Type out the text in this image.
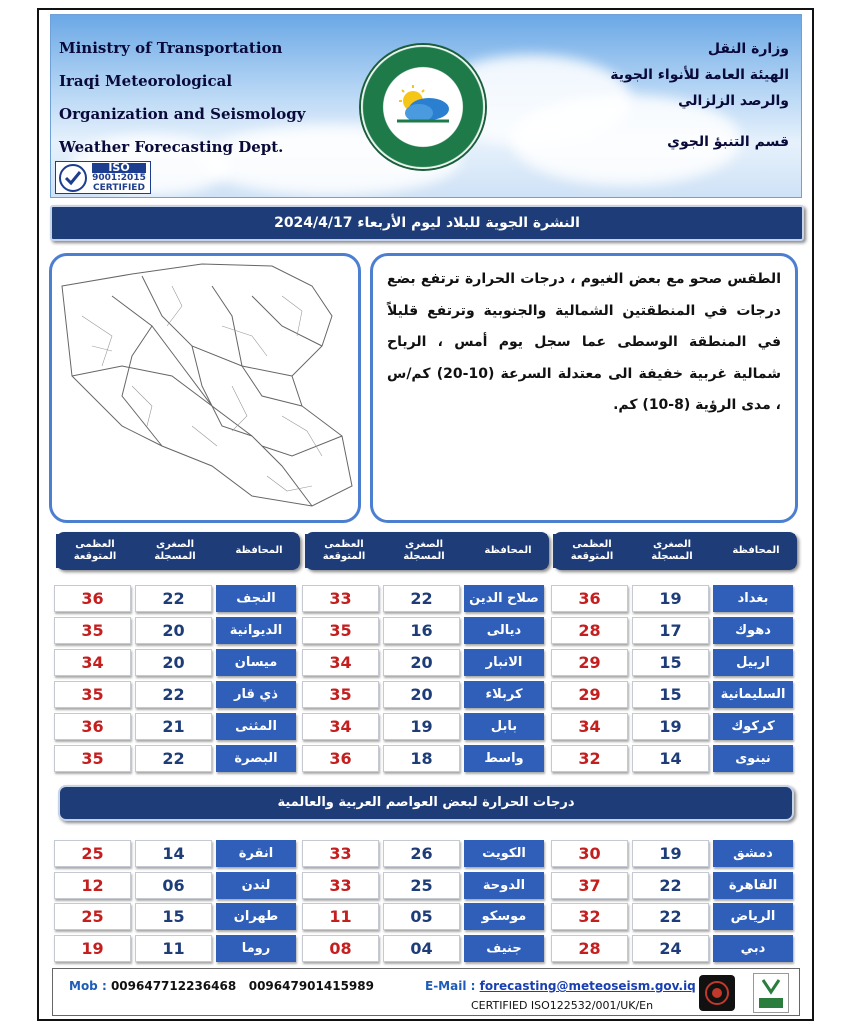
Ministry of Transportation
Iraqi Meteorological
Organization and Seismology
Weather Forecasting Dept.
وزارة النقل
الهيئة العامة للأنواء الجوية
والرصد الزلزالي
قسم التنبؤ الجوي
ISO
9001:2015
CERTIFIED
النشرة الجوية للبلاد ليوم الأربعاء 2024/4/17
الطقس صحو مع بعض الغيوم ، درجات الحرارة ترتفع بضع درجات في المنطقتين الشمالية والجنوبية وترتفع قليلاً في المنطقة الوسطى عما سجل يوم أمس ، الرياح شمالية غربية خفيفة الى معتدلة السرعة (10-20) كم/س ، مدى الرؤية (8-10) كم.
المحافظة
الصغرى
المسجلة
العظمى
المتوقعة
المحافظة
الصغرى
المسجلة
العظمى
المتوقعة
المحافظة
الصغرى
المسجلة
العظمى
المتوقعة
بغداد
19
36
دهوك
17
28
اربيل
15
29
السليمانية
15
29
كركوك
19
34
نينوى
14
32
صلاح الدين
22
33
ديالى
16
35
الانبار
20
34
كربلاء
20
35
بابل
19
34
واسط
18
36
النجف
22
36
الديوانية
20
35
ميسان
20
34
ذي قار
22
35
المثنى
21
36
البصرة
22
35
درجات الحرارة لبعض العواصم العربية والعالمية
دمشق
19
30
القاهرة
22
37
الرياض
22
32
دبي
24
28
الكويت
26
33
الدوحة
25
33
موسكو
05
11
جنيف
04
08
انقرة
14
25
لندن
06
12
طهران
15
25
روما
11
19
Mob : 009647712236468   009647901415989	E-Mail : forecasting@meteoseism.gov.iq
CERTIFIED ISO122532/001/UK/En
